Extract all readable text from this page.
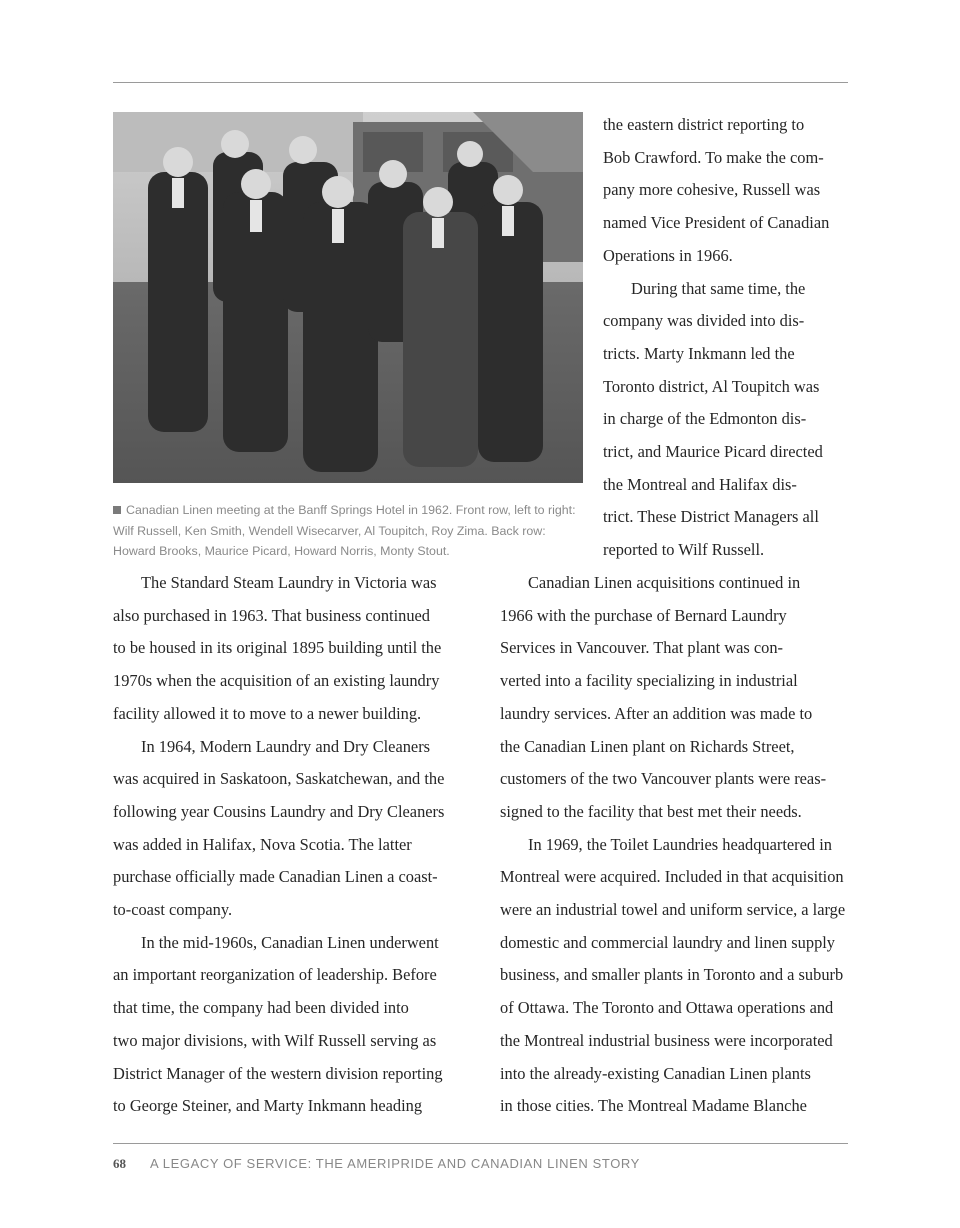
Canadian Linen meeting at the Banff Springs Hotel in 1962. Front row, left to right: Wilf Russell, Ken Smith, Wendell Wisecarver, Al Toupitch, Roy Zima. Back row: Howard Brooks, Maurice Picard, Howard Norris, Monty Stout.

the eastern district reporting to

Bob Crawford. To make the com-

pany more cohesive, Russell was

named Vice President of Canadian

Operations in 1966.

During that same time, the

company was divided into dis-

tricts. Marty Inkmann led the

Toronto district, Al Toupitch was

in charge of the Edmonton dis-

trict, and Maurice Picard directed

the Montreal and Halifax dis-

trict. These District Managers all

reported to Wilf Russell.

The Standard Steam Laundry in Victoria was

also purchased in 1963. That business continued

to be housed in its original 1895 building until the

1970s when the acquisition of an existing laundry

facility allowed it to move to a newer building.

In 1964, Modern Laundry and Dry Cleaners

was acquired in Saskatoon, Saskatchewan, and the

following year Cousins Laundry and Dry Cleaners

was added in Halifax, Nova Scotia. The latter

purchase officially made Canadian Linen a coast-

to-coast company.

In the mid-1960s, Canadian Linen underwent

an important reorganization of leadership. Before

that time, the company had been divided into

two major divisions, with Wilf Russell serving as

District Manager of the western division reporting

to George Steiner, and Marty Inkmann heading

Canadian Linen acquisitions continued in

1966 with the purchase of Bernard Laundry

Services in Vancouver. That plant was con-

verted into a facility specializing in industrial

laundry services. After an addition was made to

the Canadian Linen plant on Richards Street,

customers of the two Vancouver plants were reas-

signed to the facility that best met their needs.

In 1969, the Toilet Laundries headquartered in

Montreal were acquired. Included in that acquisition

were an industrial towel and uniform service, a large

domestic and commercial laundry and linen supply

business, and smaller plants in Toronto and a suburb

of Ottawa. The Toronto and Ottawa operations and

the Montreal industrial business were incorporated

into the already-existing Canadian Linen plants

in those cities. The Montreal Madame Blanche

68 A LEGACY OF SERVICE: THE AMERIPRIDE AND CANADIAN LINEN STORY
